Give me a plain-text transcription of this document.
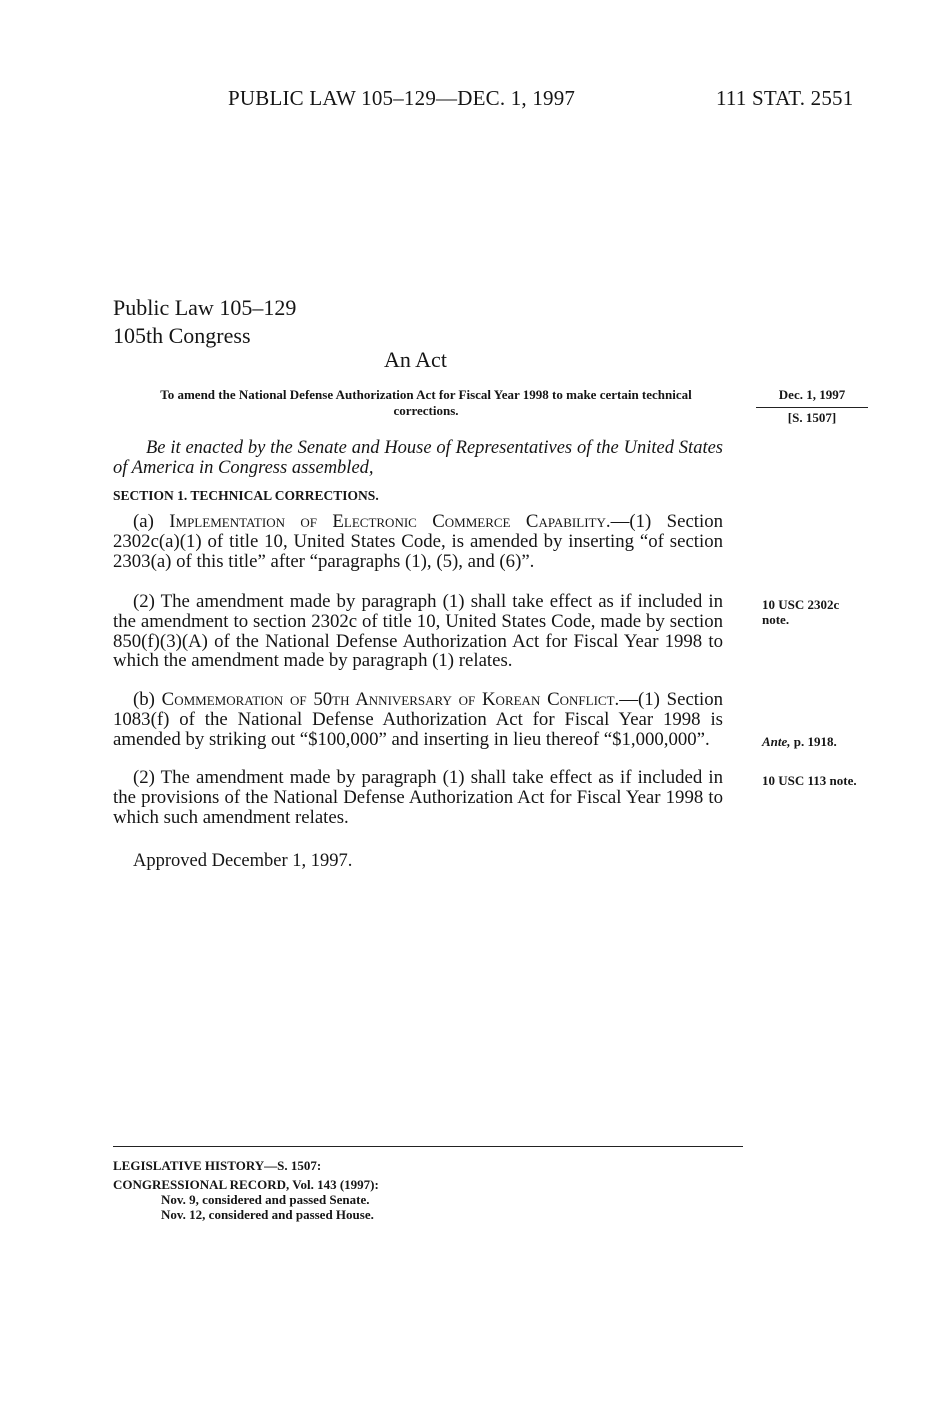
PUBLIC LAW 105–129—DEC. 1, 1997	111 STAT. 2551
Public Law 105–129
105th Congress
An Act
To amend the National Defense Authorization Act for Fiscal Year 1998 to make certain technical corrections.
Dec. 1, 1997
[S. 1507]
Be it enacted by the Senate and House of Representatives of the United States of America in Congress assembled,
SECTION 1. TECHNICAL CORRECTIONS.

(a) Implementation of Electronic Commerce Capability.—(1) Section 2302c(a)(1) of title 10, United States Code, is amended by inserting “of section 2303(a) of this title” after “paragraphs (1), (5), and (6)”.

(2) The amendment made by paragraph (1) shall take effect as if included in the amendment to section 2302c of title 10, United States Code, made by section 850(f)(3)(A) of the National Defense Authorization Act for Fiscal Year 1998 to which the amendment made by paragraph (1) relates.

10 USC 2302c
note.

(b) Commemoration of 50th Anniversary of Korean Conflict.—(1) Section 1083(f) of the National Defense Authorization Act for Fiscal Year 1998 is amended by striking out “$100,000” and inserting in lieu thereof “$1,000,000”.	Ante, p. 1918.

(2) The amendment made by paragraph (1) shall take effect as if included in the provisions of the National Defense Authorization Act for Fiscal Year 1998 to which such amendment relates.

10 USC 113 note.
Approved December 1, 1997.
LEGISLATIVE HISTORY—S. 1507:
CONGRESSIONAL RECORD, Vol. 143 (1997):
Nov. 9, considered and passed Senate.
Nov. 12, considered and passed House.
